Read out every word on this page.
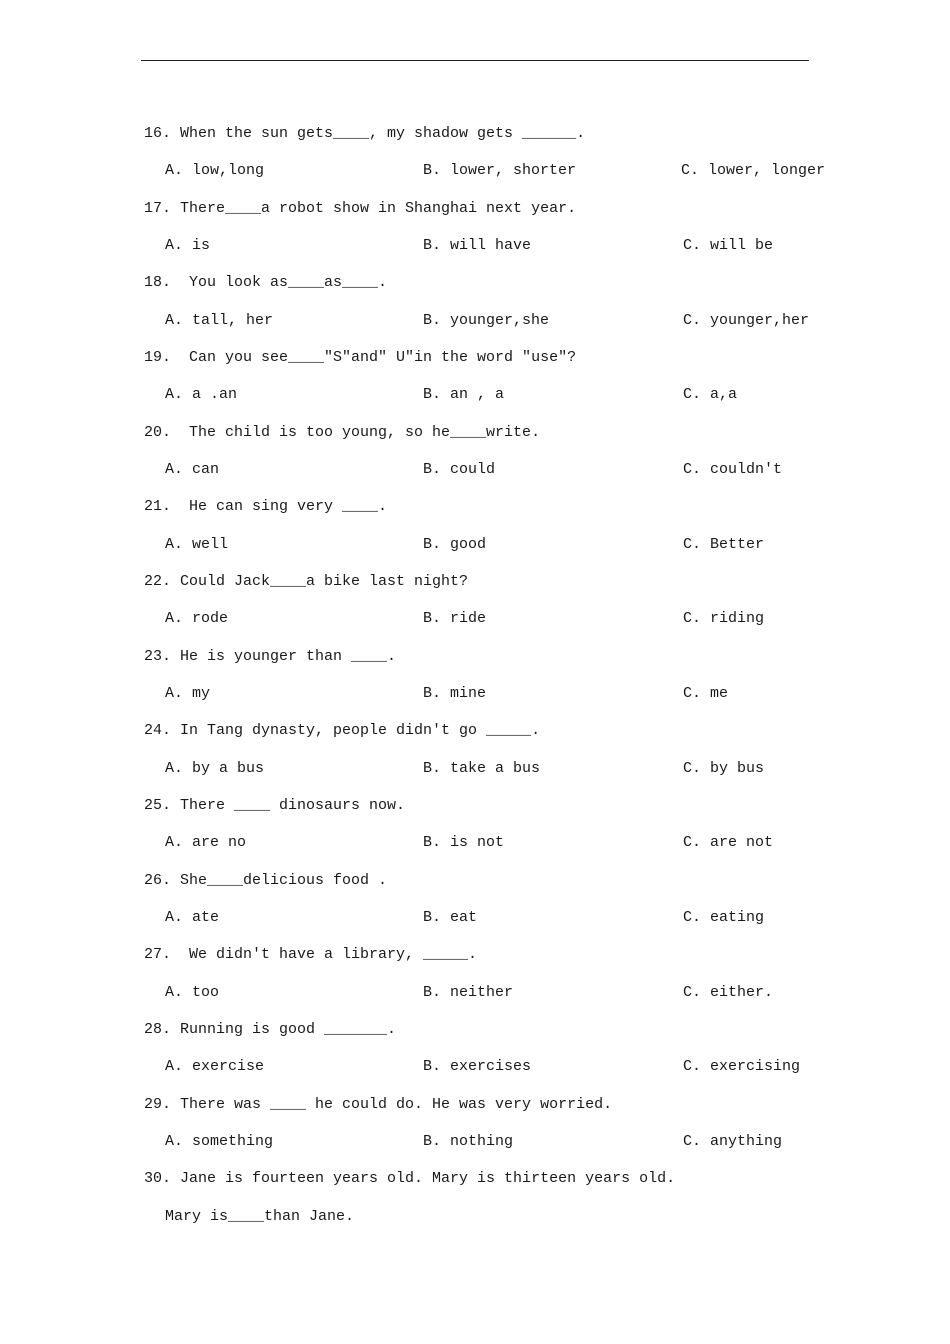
16. When the sun gets____, my shadow gets ______.
A. low,long	B. lower, shorter	C. lower, longer
17. There____a robot show in Shanghai next year.
A. is	B. will have	C. will be
18.  You look as____as____.
A. tall, her	B. younger,she	C. younger,her
19.  Can you see____"S"and" U"in the word "use"?
A. a .an	B. an , a	C. a,a
20.  The child is too young, so he____write.
A. can	B. could	C. couldn't
21.  He can sing very ____.
A. well	B. good	C. Better
22. Could Jack____a bike last night?
A. rode	B. ride	C. riding
23. He is younger than ____.
A. my	B. mine	C. me
24. In Tang dynasty, people didn't go _____.
A. by a bus	B. take a bus	C. by bus
25. There ____ dinosaurs now.
A. are no	B. is not	C. are not
26. She____delicious food .
A. ate	B. eat	C. eating
27.  We didn't have a library, _____.
A. too	B. neither	C. either.
28. Running is good _______.
A. exercise	B. exercises	C. exercising
29. There was ____ he could do. He was very worried.
A. something	B. nothing	C. anything
30. Jane is fourteen years old. Mary is thirteen years old.
Mary is____than Jane.
